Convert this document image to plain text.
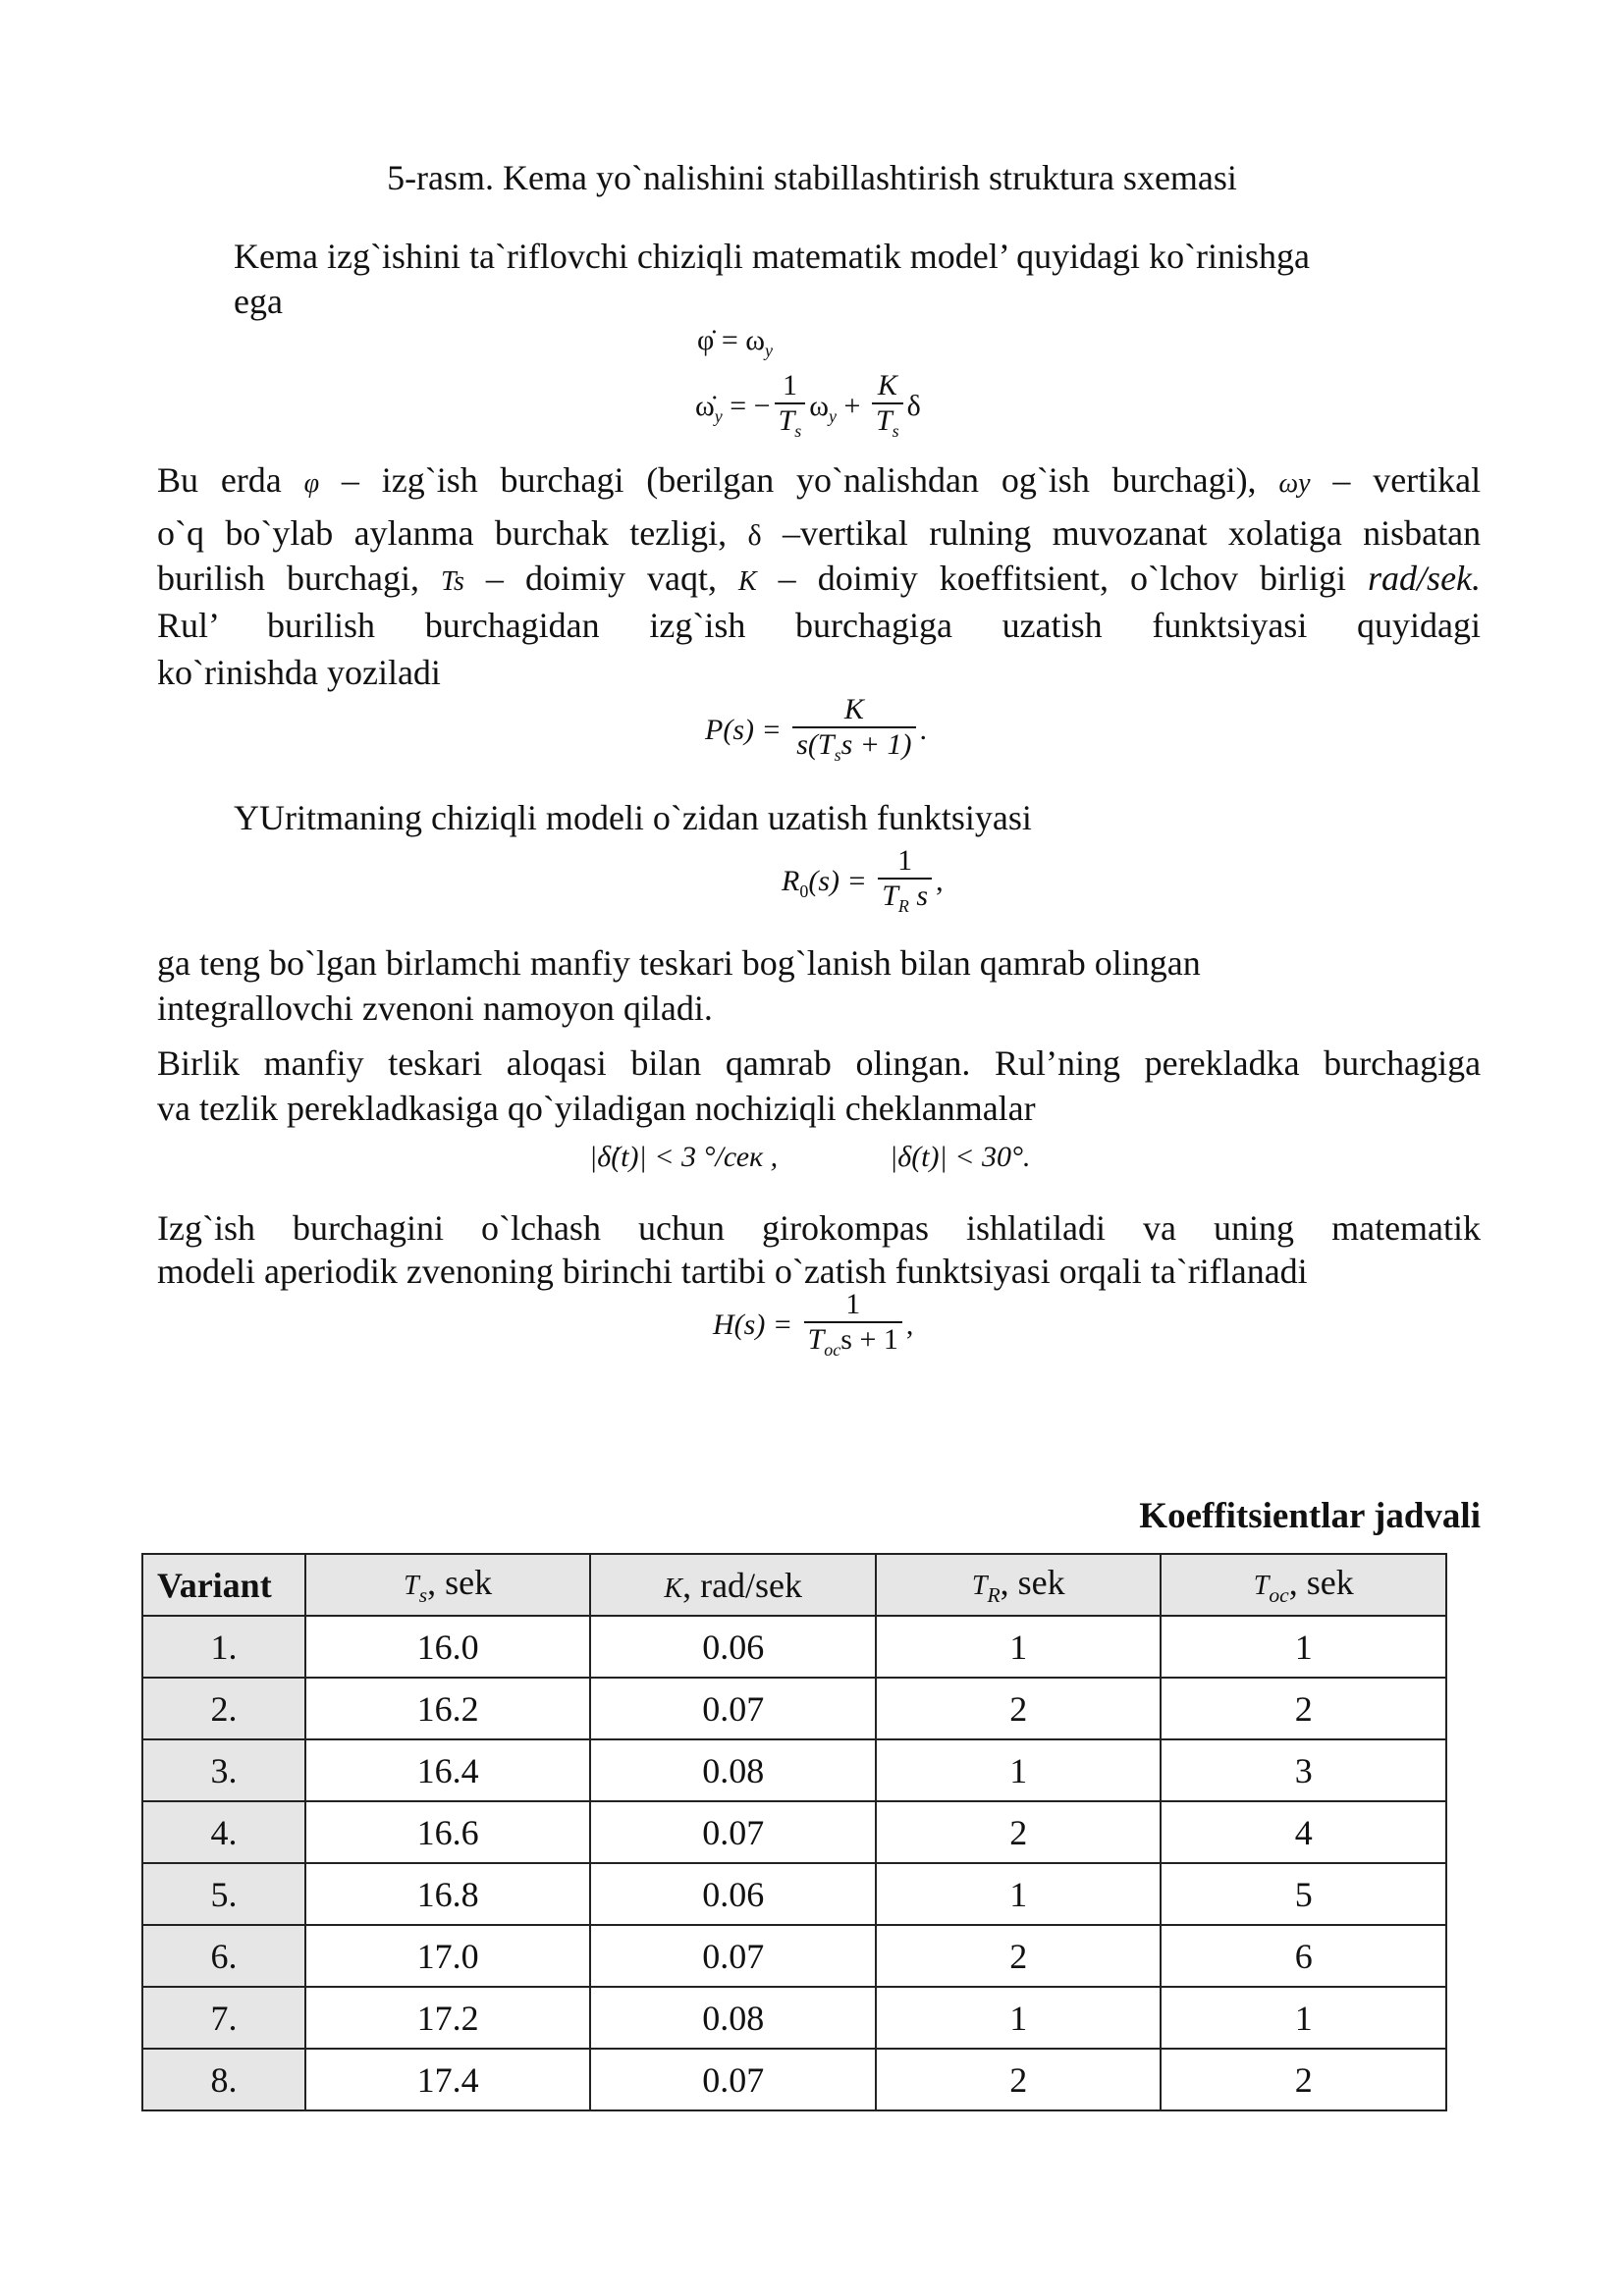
5-rasm. Kema yo`nalishini stabillashtirish struktura sxemasi
Kema izg`ishini ta`riflovchi chiziqli matematik model’ quyidagi ko`rinishga
ega
φ̇ = $\omega_y$
$\omegȧ_y$ = − $\frac{1}{T_s} \omega_y + \frac{K}{T_s}$ δ
Bu erda φ – izg`ish burchagi (berilgan yo`nalishdan og`ish burchagi), ωy – vertikal
o`q bo`ylab aylanma burchak tezligi, δ –vertikal rulning muvozanat xolatiga nisbatan
burilish burchagi, Ts – doimiy vaqt, K – doimiy koeffitsient, o`lchov birligi rad/sek.
Rul’ burilish burchagidan izg`ish burchagiga uzatish funktsiyasi quyidagi
ko`rinishda yoziladi
$P(s) = \frac{K}{s(T_ss + 1)}$ .
YUritmaning chiziqli modeli o`zidan uzatish funktsiyasi
$R_0(s) = \frac{1}{T_R s}$ ,
ga teng bo`lgan birlamchi manfiy teskari bog`lanish bilan qamrab olingan
integrallovchi zvenoni namoyon qiladi.
Birlik manfiy teskari aloqasi bilan qamrab olingan. Rul’ning perekladka burchagiga
va tezlik perekladkasiga qo`yiladigan nochiziqli cheklanmalar
|δ̇(t)| < 3 °/сек ,	|δ(t)| < 30°.
Izg`ish burchagini o`lchash uchun girokompas ishlatiladi va uning matematik
modeli aperiodik zvenoning birinchi tartibi o`zatish funktsiyasi orqali ta`riflanadi
$H(s) = \frac{1}{T_{oc}s + 1}$ ,
Koeffitsientlar jadvali
Variant	$T_s$, sek	K, rad/sek	$T_R$, sek	$T_{oc}$, sek
1.	16.0	0.06	1	1
2.	16.2	0.07	2	2
3.	16.4	0.08	1	3
4.	16.6	0.07	2	4
5.	16.8	0.06	1	5
6.	17.0	0.07	2	6
7.	17.2	0.08	1	1
8.	17.4	0.07	2	2
